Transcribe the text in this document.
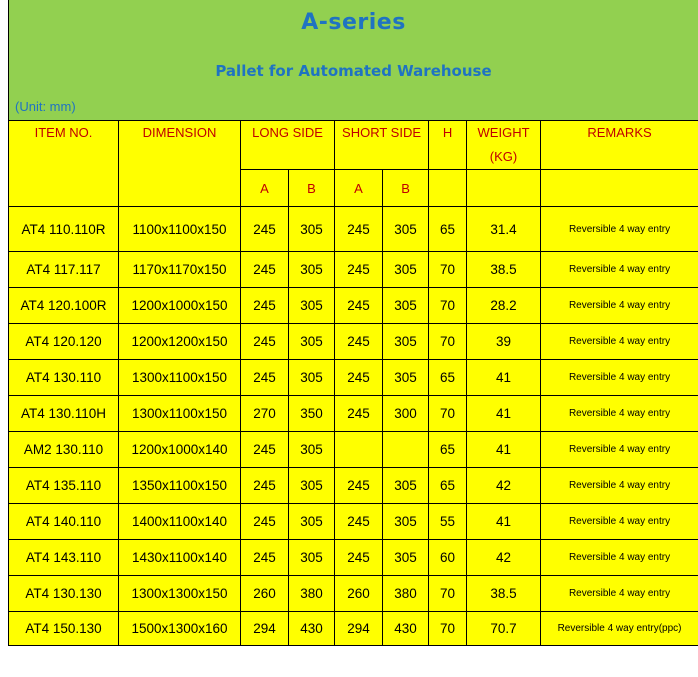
A-series
Pallet for Automated Warehouse
(Unit: mm)
ITEM NO.	DIMENSION	LONG SIDE		SHORT SIDE		H	WEIGHT	REMARKS
							(KG)	
		A	B	A	B			
AT4 110.110R	1100x1100x150	245	305	245	305	65	31.4	Reversible 4 way entry
AT4 117.117	1170x1170x150	245	305	245	305	70	38.5	Reversible 4 way entry
AT4 120.100R	1200x1000x150	245	305	245	305	70	28.2	Reversible 4 way entry
AT4 120.120	1200x1200x150	245	305	245	305	70	39	Reversible 4 way entry
AT4 130.110	1300x1100x150	245	305	245	305	65	41	Reversible 4 way entry
AT4 130.110H	1300x1100x150	270	350	245	300	70	41	Reversible 4 way entry
AM2 130.110	1200x1000x140	245	305			65	41	Reversible 4 way entry
AT4 135.110	1350x1100x150	245	305	245	305	65	42	Reversible 4 way entry
AT4 140.110	1400x1100x140	245	305	245	305	55	41	Reversible 4 way entry
AT4 143.110	1430x1100x140	245	305	245	305	60	42	Reversible 4 way entry
AT4 130.130	1300x1300x150	260	380	260	380	70	38.5	Reversible 4 way entry
AT4 150.130	1500x1300x160	294	430	294	430	70	70.7	Reversible 4 way entry(ppc)
